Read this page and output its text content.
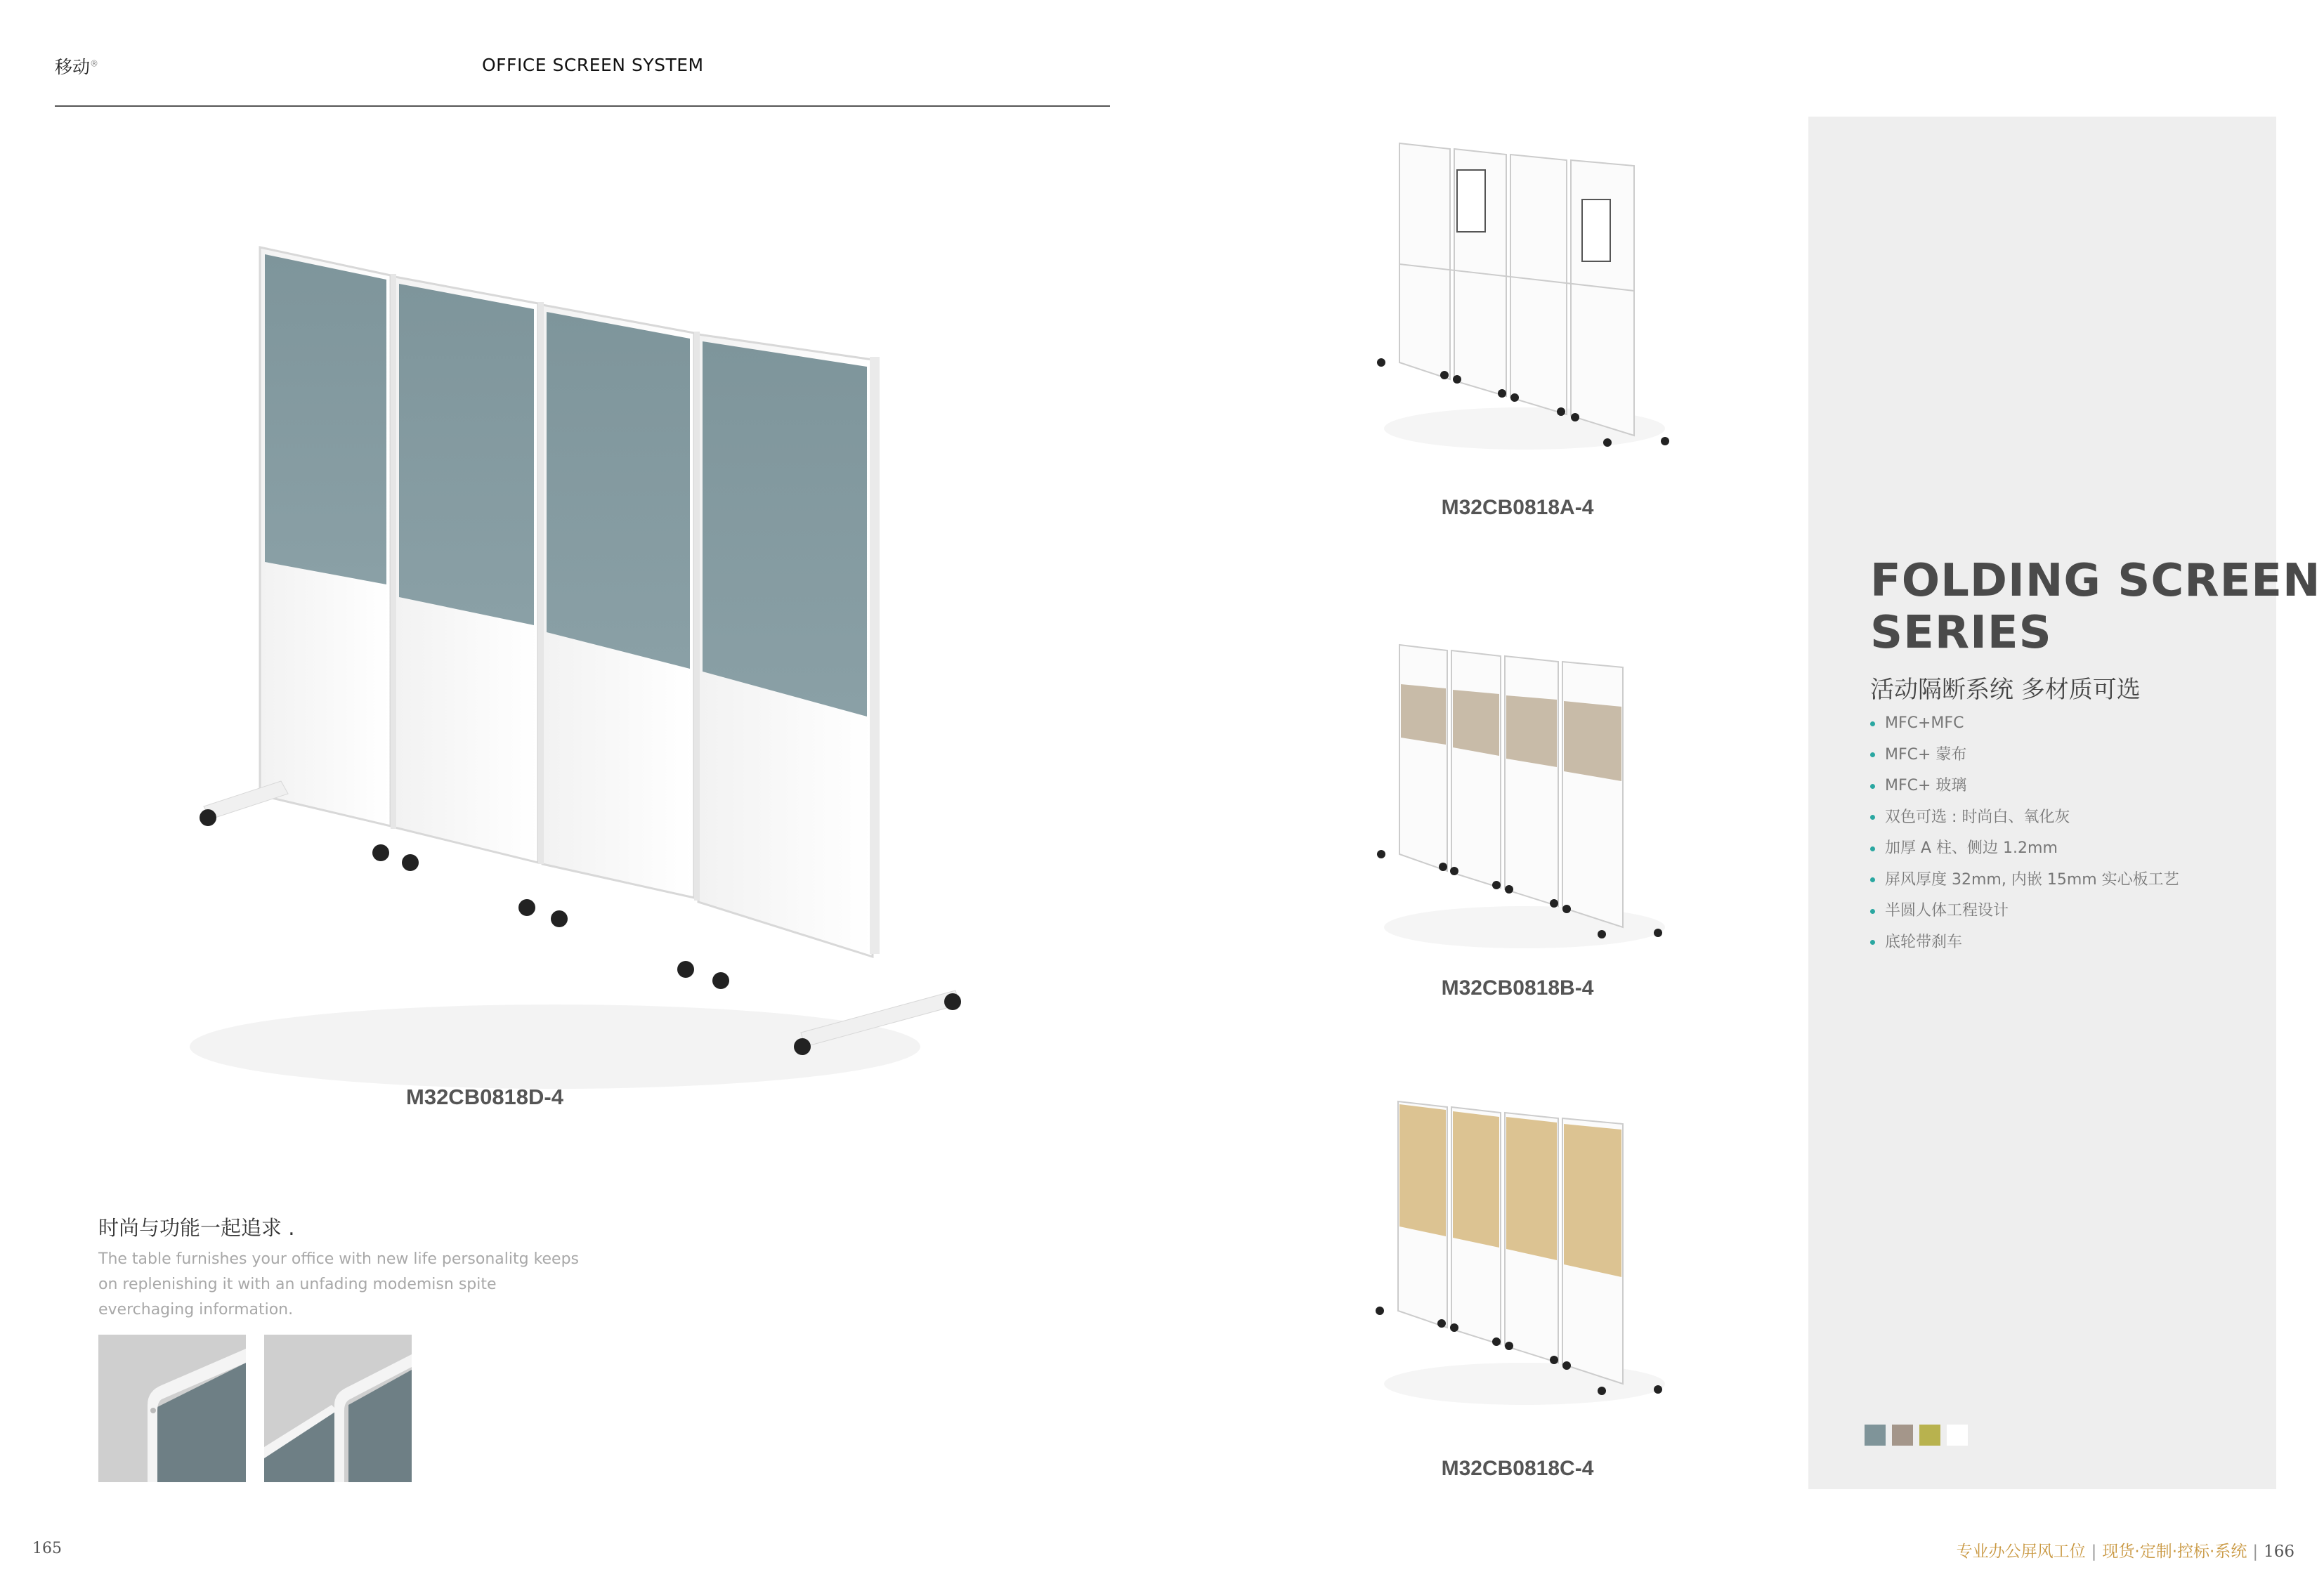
移动®	OFFICE SCREEN SYSTEM
M32CB0818D-4
时尚与功能一起追求 .
The table furnishes your office with new life personalitg keeps on replenishing it with an unfading modemisn spite everchaging information.
M32CB0818A-4
M32CB0818B-4
M32CB0818C-4
FOLDING SCREEN
SERIES
活动隔断系统 多材质可选
MFC+MFC
MFC+ 蒙布
MFC+ 玻璃
双色可选 : 时尚白、氧化灰
加厚 A 柱、侧边 1.2mm
屏风厚度 32mm, 内嵌 15mm 实心板工艺
半圆人体工程设计
底轮带刹车
165	专业办公屏风工位 | 现货·定制·控标·系统 | 166
